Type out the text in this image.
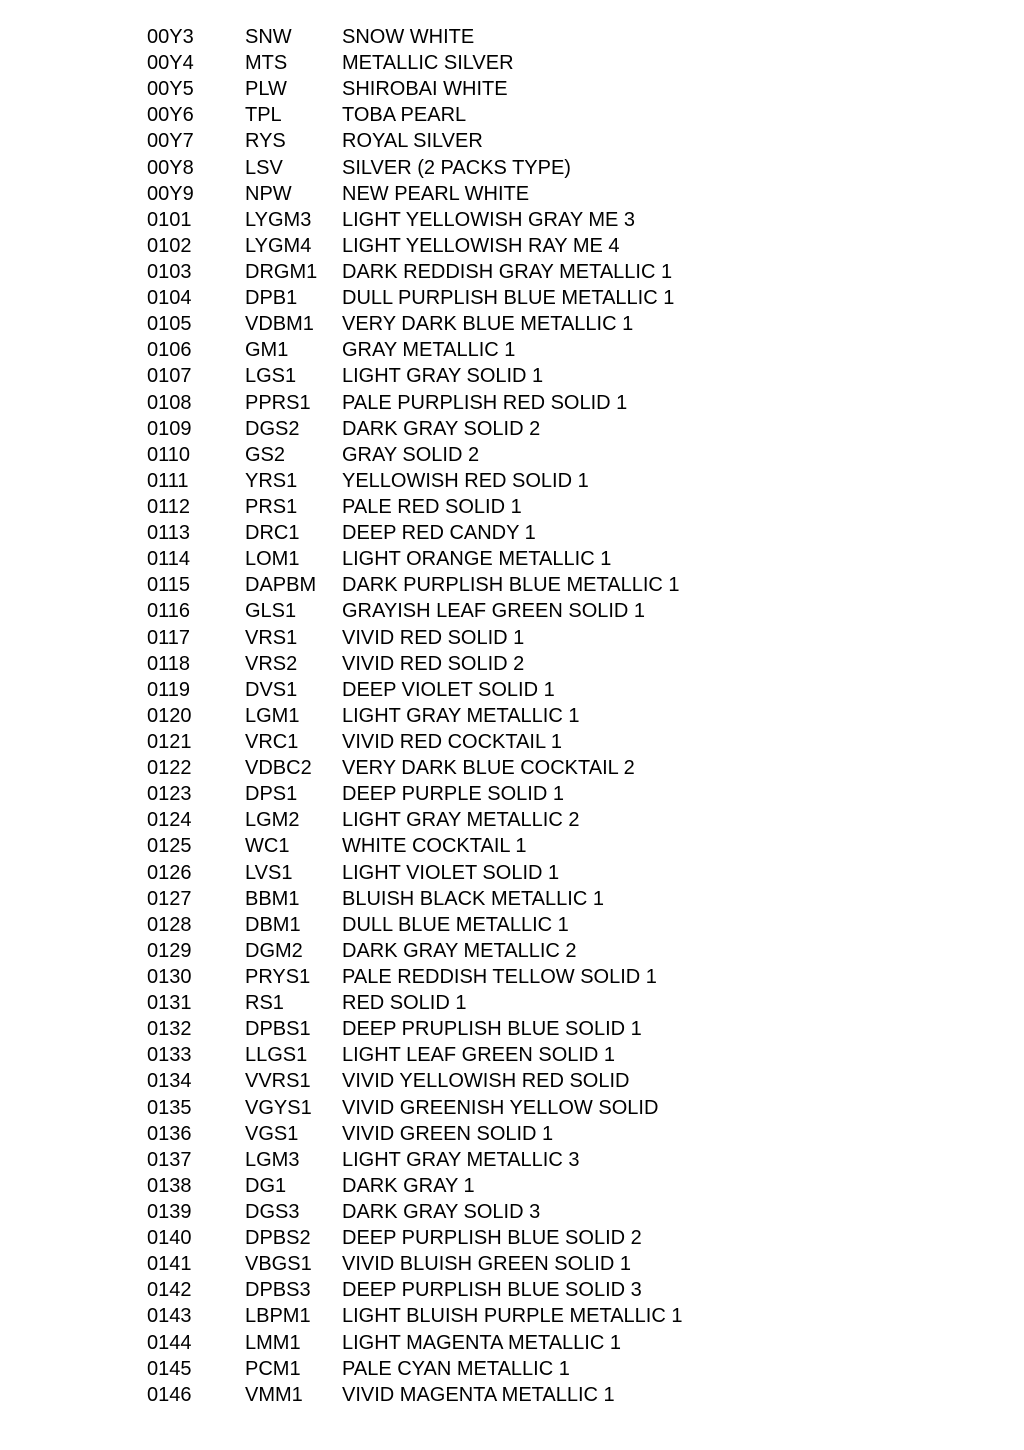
00Y3	SNW	SNOW WHITE
00Y4	MTS	METALLIC SILVER
00Y5	PLW	SHIROBAI WHITE
00Y6	TPL	TOBA PEARL
00Y7	RYS	ROYAL SILVER
00Y8	LSV	SILVER (2 PACKS TYPE)
00Y9	NPW	NEW PEARL WHITE
0101	LYGM3	LIGHT YELLOWISH GRAY ME 3
0102	LYGM4	LIGHT YELLOWISH RAY ME 4
0103	DRGM1	DARK REDDISH GRAY METALLIC 1
0104	DPB1	DULL PURPLISH BLUE METALLIC 1
0105	VDBM1	VERY DARK BLUE METALLIC 1
0106	GM1	GRAY METALLIC 1
0107	LGS1	LIGHT GRAY SOLID 1
0108	PPRS1	PALE PURPLISH RED SOLID 1
0109	DGS2	DARK GRAY SOLID 2
0110	GS2	GRAY SOLID 2
0111	YRS1	YELLOWISH RED SOLID 1
0112	PRS1	PALE RED SOLID 1
0113	DRC1	DEEP RED CANDY 1
0114	LOM1	LIGHT ORANGE METALLIC 1
0115	DAPBM	DARK PURPLISH BLUE METALLIC 1
0116	GLS1	GRAYISH LEAF GREEN SOLID 1
0117	VRS1	VIVID RED SOLID 1
0118	VRS2	VIVID RED SOLID 2
0119	DVS1	DEEP VIOLET SOLID 1
0120	LGM1	LIGHT GRAY METALLIC 1
0121	VRC1	VIVID RED COCKTAIL 1
0122	VDBC2	VERY DARK BLUE COCKTAIL 2
0123	DPS1	DEEP PURPLE SOLID 1
0124	LGM2	LIGHT GRAY METALLIC 2
0125	WC1	WHITE COCKTAIL 1
0126	LVS1	LIGHT VIOLET SOLID 1
0127	BBM1	BLUISH BLACK METALLIC 1
0128	DBM1	DULL BLUE METALLIC 1
0129	DGM2	DARK GRAY METALLIC 2
0130	PRYS1	PALE REDDISH TELLOW SOLID 1
0131	RS1	RED SOLID 1
0132	DPBS1	DEEP PRUPLISH BLUE SOLID 1
0133	LLGS1	LIGHT LEAF GREEN SOLID 1
0134	VVRS1	VIVID YELLOWISH RED SOLID
0135	VGYS1	VIVID GREENISH YELLOW SOLID
0136	VGS1	VIVID GREEN SOLID 1
0137	LGM3	LIGHT GRAY METALLIC 3
0138	DG1	DARK GRAY 1
0139	DGS3	DARK GRAY SOLID 3
0140	DPBS2	DEEP PURPLISH BLUE SOLID 2
0141	VBGS1	VIVID BLUISH GREEN SOLID 1
0142	DPBS3	DEEP PURPLISH BLUE SOLID 3
0143	LBPM1	LIGHT BLUISH PURPLE METALLIC 1
0144	LMM1	LIGHT MAGENTA METALLIC 1
0145	PCM1	PALE CYAN METALLIC 1
0146	VMM1	VIVID MAGENTA METALLIC 1
